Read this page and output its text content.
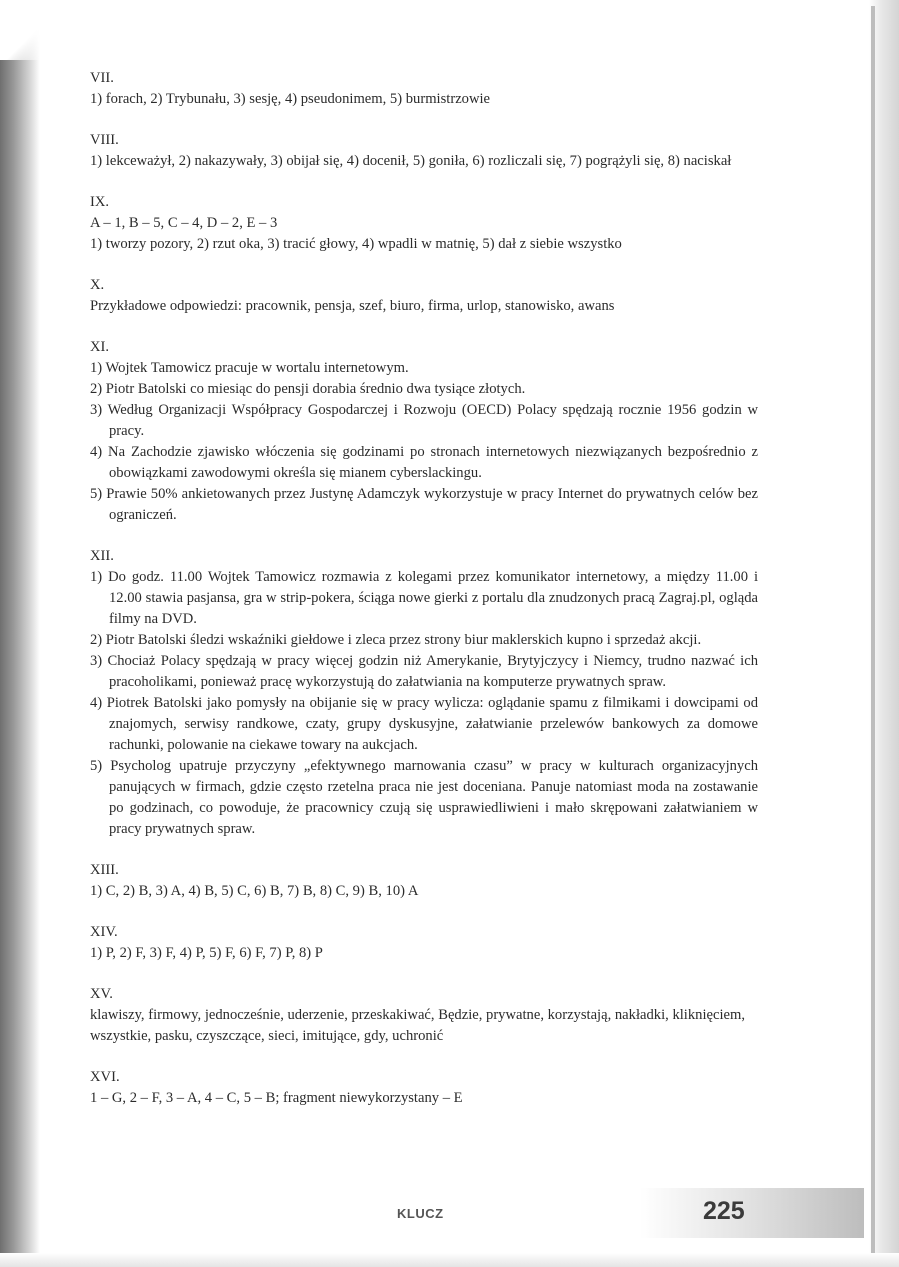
VII.

1) forach, 2) Trybunału, 3) sesję, 4) pseudonimem, 5) burmistrzowie

VIII.

1) lekceważył, 2) nakazywały, 3) obijał się, 4) docenił, 5) goniła, 6) rozliczali się, 7) pogrążyli się, 8) naciskał

IX.

A – 1, B – 5, C – 4, D – 2, E – 3

1) tworzy pozory, 2) rzut oka, 3) tracić głowy, 4) wpadli w matnię, 5) dał z siebie wszystko

X.

Przykładowe odpowiedzi: pracownik, pensja, szef, biuro, firma, urlop, stanowisko, awans

XI.

1) Wojtek Tamowicz pracuje w wortalu internetowym.
2) Piotr Batolski co miesiąc do pensji dorabia średnio dwa tysiące złotych.
3) Według Organizacji Współpracy Gospodarczej i Rozwoju (OECD) Polacy spędzają rocznie 1956 godzin w pracy.
4) Na Zachodzie zjawisko włóczenia się godzinami po stronach internetowych niezwiązanych bezpośrednio z obowiązkami zawodowymi określa się mianem cyberslackingu.
5) Prawie 50% ankietowanych przez Justynę Adamczyk wykorzystuje w pracy Internet do prywatnych celów bez ograniczeń.

XII.

1) Do godz. 11.00 Wojtek Tamowicz rozmawia z kolegami przez komunikator internetowy, a między 11.00 i 12.00 stawia pasjansa, gra w strip-pokera, ściąga nowe gierki z portalu dla znudzonych pracą Zagraj.pl, ogląda filmy na DVD.
2) Piotr Batolski śledzi wskaźniki giełdowe i zleca przez strony biur maklerskich kupno i sprzedaż akcji.
3) Chociaż Polacy spędzają w pracy więcej godzin niż Amerykanie, Brytyjczycy i Niemcy, trudno nazwać ich pracoholikami, ponieważ pracę wykorzystują do załatwiania na komputerze prywatnych spraw.
4) Piotrek Batolski jako pomysły na obijanie się w pracy wylicza: oglądanie spamu z filmikami i dowcipami od znajomych, serwisy randkowe, czaty, grupy dyskusyjne, załatwianie przelewów bankowych za domowe rachunki, polowanie na ciekawe towary na aukcjach.
5) Psycholog upatruje przyczyny „efektywnego marnowania czasu” w pracy w kulturach organizacyjnych panujących w firmach, gdzie często rzetelna praca nie jest doceniana. Panuje natomiast moda na zostawanie po godzinach, co powoduje, że pracownicy czują się usprawiedliwieni i mało skrępowani załatwianiem w pracy prywatnych spraw.

XIII.

1) C, 2) B, 3) A, 4) B, 5) C, 6) B, 7) B, 8) C, 9) B, 10) A

XIV.

1) P, 2) F, 3) F, 4) P, 5) F, 6) F, 7) P, 8) P

XV.

klawiszy, firmowy, jednocześnie, uderzenie, przeskakiwać, Będzie, prywatne, korzystają, nakładki, kliknięciem, wszystkie, pasku, czyszczące, sieci, imitujące, gdy, uchronić

XVI.

1 – G, 2 – F, 3 – A, 4 – C, 5 – B; fragment niewykorzystany – E

KLUCZ	225
